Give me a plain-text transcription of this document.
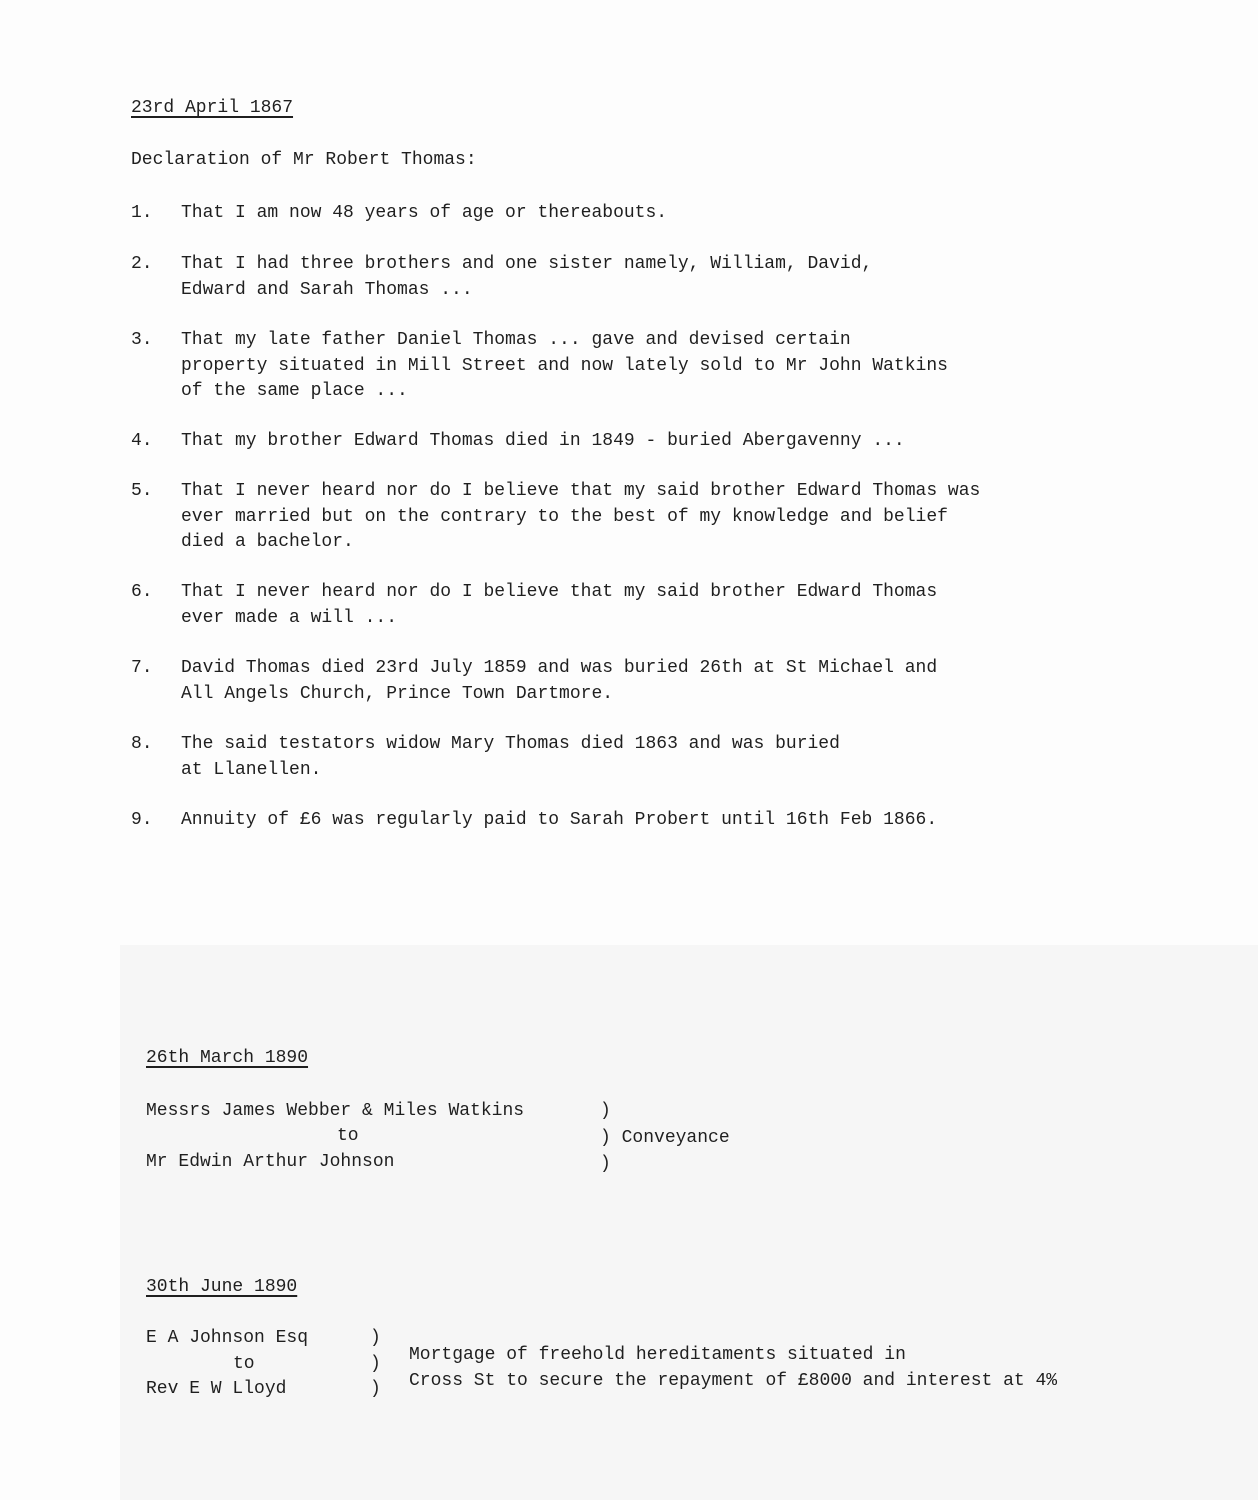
23rd April 1867
Declaration of Mr Robert Thomas:
1.	That I am now 48 years of age or thereabouts.
2.	That I had three brothers and one sister namely, William, David,
Edward and Sarah Thomas ...
3.	That my late father Daniel Thomas ... gave and devised certain
property situated in Mill Street and now lately sold to Mr John Watkins
of the same place ...
4.	That my brother Edward Thomas died in 1849 - buried Abergavenny ...
5.	That I never heard nor do I believe that my said brother Edward Thomas was
ever married but on the contrary to the best of my knowledge and belief
died a bachelor.
6.	That I never heard nor do I believe that my said brother Edward Thomas
ever made a will ...
7.	David Thomas died 23rd July 1859 and was buried 26th at St Michael and
All Angels Church, Prince Town Dartmore.
8.	The said testators widow Mary Thomas died 1863 and was buried
at Llanellen.
9.	Annuity of £6 was regularly paid to Sarah Probert until 16th Feb 1866.
26th March 1890
Messrs James Webber & Miles Watkins
to
Mr Edwin Arthur Johnson
)
) Conveyance
)
30th June 1890
E A Johnson Esq
to
Rev E W Lloyd
)
)
)
Mortgage of freehold hereditaments situated in
Cross St to secure the repayment of £8000 and interest at 4%
